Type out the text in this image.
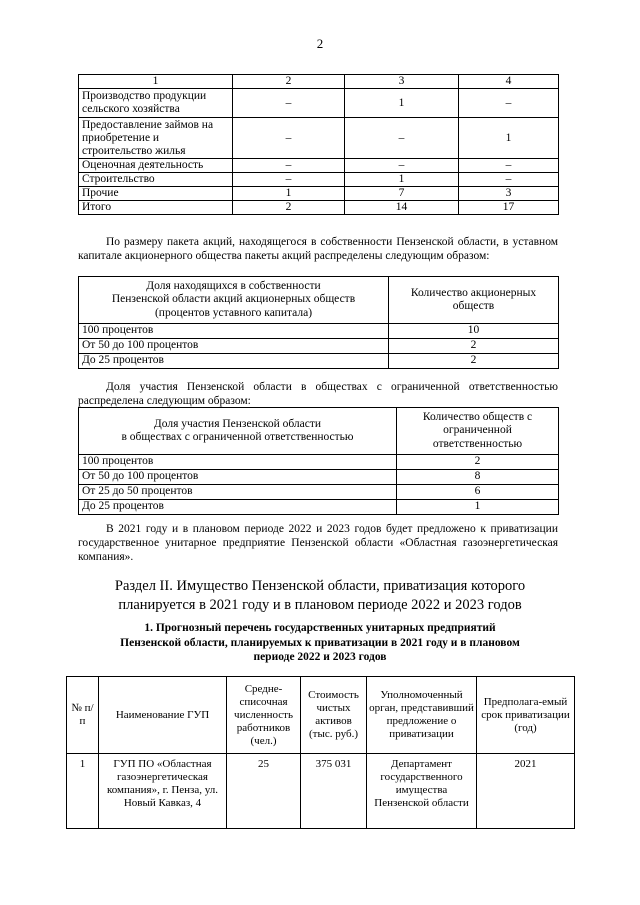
2
1	2	3	4
Производство продукции сельского хозяйства	–	1	–
Предоставление займов на приобретение и строительство жилья	–	–	1
Оценочная деятельность	–	–	–
Строительство	–	1	–
Прочие	1	7	3
Итого	2	14	17
По размеру пакета акций, находящегося в собственности Пензенской области, в уставном капитале акционерного общества пакеты акций распределены следующим образом:
Доля находящихся в собственности
Пензенской области акций акционерных обществ
(процентов уставного капитала)	Количество акционерных обществ
100 процентов	10
От 50 до 100 процентов	2
До 25 процентов	2
Доля участия Пензенской области в обществах с ограниченной ответственностью распределена следующим образом:
Доля участия Пензенской области
в обществах с ограниченной ответственностью	Количество обществ с ограниченной ответственностью
100 процентов	2
От 50 до 100 процентов	8
От 25 до 50 процентов	6
До 25 процентов	1
В 2021 году и в плановом периоде 2022 и 2023 годов будет предложено к приватизации государственное унитарное предприятие Пензенской области «Областная газоэнергетическая компания».
Раздел II. Имущество Пензенской области, приватизация которого
планируется в 2021 году и в плановом периоде 2022 и 2023 годов
1. Прогнозный перечень государственных унитарных предприятий
Пензенской области, планируемых к приватизации в 2021 году и в плановом
периоде 2022 и 2023 годов
№ п/п	Наименование ГУП	Средне-списочная численность работников (чел.)	Стоимость чистых активов (тыс. руб.)	Уполномоченный орган, представивший предложение о приватизации	Предполага-емый срок приватизации (год)
1	ГУП ПО «Областная газоэнергетическая компания», г. Пенза, ул. Новый Кавказ, 4	25	375 031	Департамент государственного имущества Пензенской области	2021
